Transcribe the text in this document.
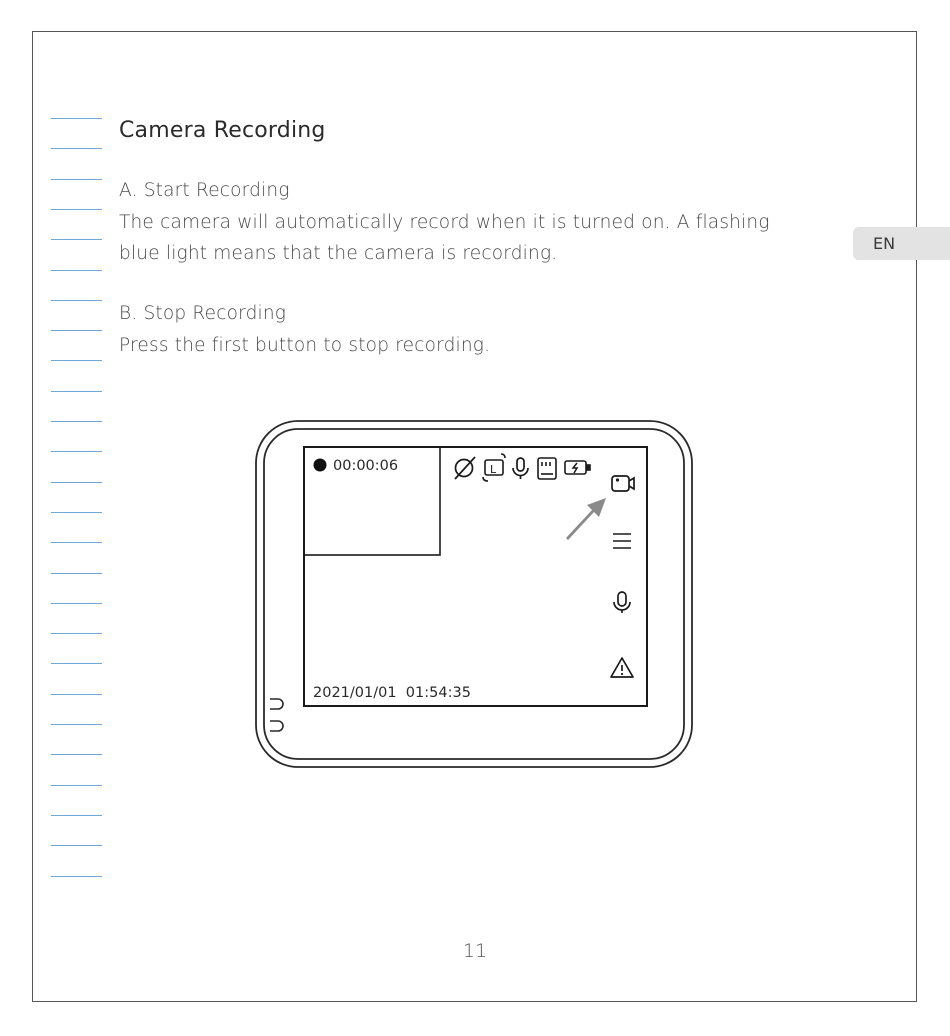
Camera Recording
A. Start Recording
The camera will automatically record when it is turned on. A flashing
blue light means that the camera is recording.
B. Stop Recording
Press the first button to stop recording.
EN
00:00:06	L
2021/01/01  01:54:35
11
